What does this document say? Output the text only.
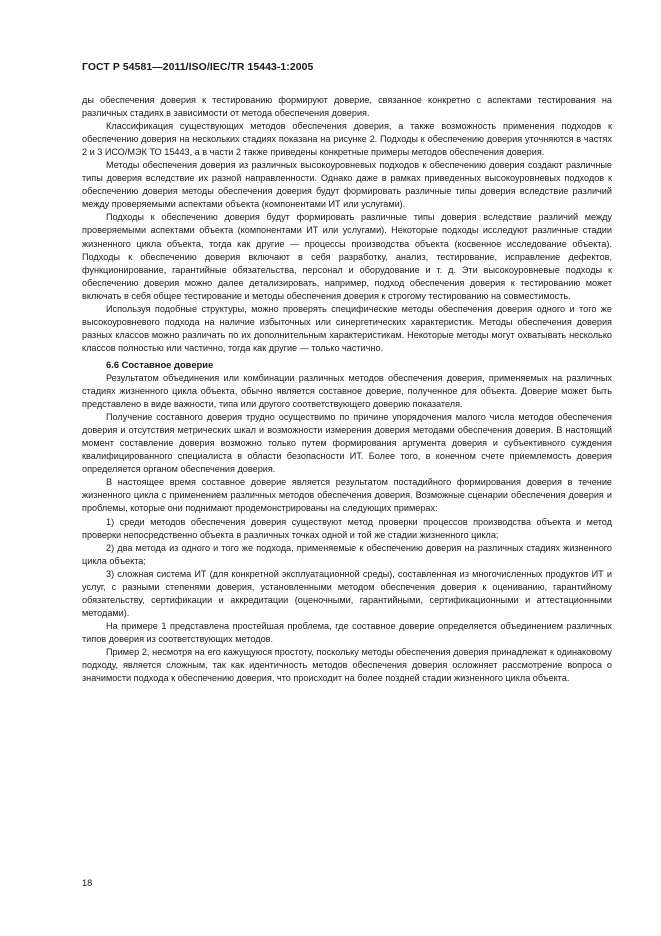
ГОСТ Р 54581—2011/ISO/IEC/TR 15443-1:2005

ды обеспечения доверия к тестированию формируют доверие, связанное конкретно с аспектами тестирования на различных стадиях в зависимости от метода обеспечения доверия.

Классификация существующих методов обеспечения доверия, а также возможность применения подходов к обеспечению доверия на нескольких стадиях показана на рисунке 2. Подходы к обеспечению доверия уточняются в частях 2 и 3 ИСО/МЭК ТО 15443, а в части 2 также приведены конкретные примеры методов обеспечения доверия.

Методы обеспечения доверия из различных высокоуровневых подходов к обеспечению доверия создают различные типы доверия вследствие их разной направленности. Однако даже в рамках приведенных высокоуровневых подходов к обеспечению доверия методы обеспечения доверия будут формировать различные типы доверия вследствие различий между проверяемыми аспектами объекта (компонентами ИТ или услугами).

Подходы к обеспечению доверия будут формировать различные типы доверия вследствие различий между проверяемыми аспектами объекта (компонентами ИТ или услугами). Некоторые подходы исследуют различные стадии жизненного цикла объекта, тогда как другие — процессы производства объекта (косвенное исследование объекта). Подходы к обеспечению доверия включают в себя разработку, анализ, тестирование, исправление дефектов, функционирование, гарантийные обязательства, персонал и оборудование и т. д. Эти высокоуровневые подходы к обеспечению доверия можно далее детализировать, например, подход обеспечения доверия к тестированию может включать в себя общее тестирование и методы обеспечения доверия к строгому тестированию на совместимость.

Используя подобные структуры, можно проверять специфические методы обеспечения доверия одного и того же высокоуровневого подхода на наличие избыточных или синергетических характеристик. Методы обеспечения доверия разных классов можно различать по их дополнительным характеристикам. Некоторые методы могут охватывать несколько классов полностью или частично, тогда как другие — только частично.

6.6 Составное доверие

Результатом объединения или комбинации различных методов обеспечения доверия, применяемых на различных стадиях жизненного цикла объекта, обычно является составное доверие, полученное для объекта. Доверие может быть представлено в виде важности, типа или другого соответствующего доверию показателя.

Получение составного доверия трудно осуществимо по причине упорядочения малого числа методов обеспечения доверия и отсутствия метрических шкал и возможности измерения доверия методами обеспечения доверия. В настоящий момент составление доверия возможно только путем формирования аргумента доверия и субъективного суждения квалифицированного специалиста в области безопасности ИТ. Более того, в конечном счете приемлемость доверия определяется органом обеспечения доверия.

В настоящее время составное доверие является результатом постадийного формирования доверия в течение жизненного цикла с применением различных методов обеспечения доверия. Возможные сценарии обеспечения доверия и проблемы, которые они поднимают продемонстрированы на следующих примерах:

1) среди методов обеспечения доверия существуют метод проверки процессов производства объекта и метод проверки непосредственно объекта в различных точках одной и той же стадии жизненного цикла;

2) два метода из одного и того же подхода, применяемые к обеспечению доверия на различных стадиях жизненного цикла объекта;

3) сложная система ИТ (для конкретной эксплуатационной среды), составленная из многочисленных продуктов ИТ и услуг, с разными степенями доверия, установленными методом обеспечения доверия к оцениванию, гарантийному обязательству, сертификации и аккредитации (оценочными, гарантийными, сертификационными и аттестационными методами).

На примере 1 представлена простейшая проблема, где составное доверие определяется объединением различных типов доверия из соответствующих методов.

Пример 2, несмотря на его кажущуюся простоту, поскольку методы обеспечения доверия принадлежат к одинаковому подходу, является сложным, так как идентичность методов обеспечения доверия осложняет рассмотрение вопроса о значимости подхода к обеспечению доверия, что происходит на более поздней стадии жизненного цикла объекта.

18
